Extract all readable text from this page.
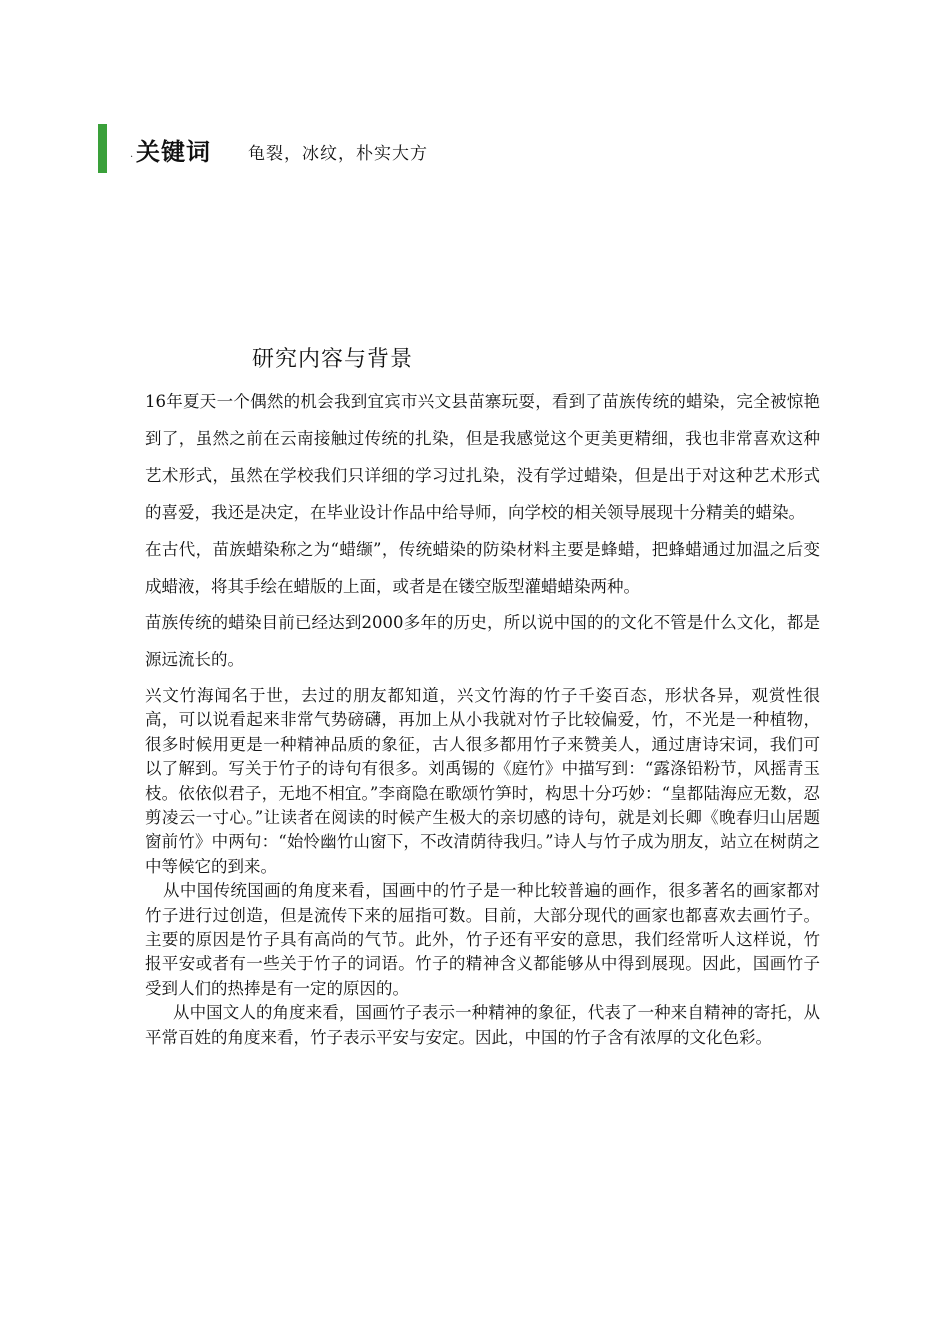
. 关键词 龟裂，冰纹，朴实大方
研究内容与背景

16年夏天一个偶然的机会我到宜宾市兴文县苗寨玩耍，看到了苗族传统的蜡染，完全被惊艳到了，虽然之前在云南接触过传统的扎染，但是我感觉这个更美更精细，我也非常喜欢这种艺术形式，虽然在学校我们只详细的学习过扎染，没有学过蜡染，但是出于对这种艺术形式的喜爱，我还是决定，在毕业设计作品中给导师，向学校的相关领导展现十分精美的蜡染。

在古代，苗族蜡染称之为“蜡缬”，传统蜡染的防染材料主要是蜂蜡，把蜂蜡通过加温之后变成蜡液，将其手绘在蜡版的上面，或者是在镂空版型灌蜡蜡染两种。

苗族传统的蜡染目前已经达到2000多年的历史，所以说中国的的文化不管是什么文化，都是源远流长的。

兴文竹海闻名于世，去过的朋友都知道，兴文竹海的竹子千姿百态，形状各异，观赏性很高，可以说看起来非常气势磅礴，再加上从小我就对竹子比较偏爱，竹，不光是一种植物，很多时候用更是一种精神品质的象征，古人很多都用竹子来赞美人，通过唐诗宋词，我们可以了解到。写关于竹子的诗句有很多。刘禹锡的《庭竹》中描写到：“露涤铅粉节，风摇青玉枝。依依似君子，无地不相宜。”李商隐在歌颂竹笋时，构思十分巧妙：“皇都陆海应无数，忍剪凌云一寸心。”让读者在阅读的时候产生极大的亲切感的诗句，就是刘长卿《晚春归山居题窗前竹》中两句：“始怜幽竹山窗下，不改清荫待我归。”诗人与竹子成为朋友，站立在树荫之中等候它的到来。

从中国传统国画的角度来看，国画中的竹子是一种比较普遍的画作，很多著名的画家都对竹子进行过创造，但是流传下来的屈指可数。目前，大部分现代的画家也都喜欢去画竹子。主要的原因是竹子具有高尚的气节。此外，竹子还有平安的意思，我们经常听人这样说，竹报平安或者有一些关于竹子的词语。竹子的精神含义都能够从中得到展现。因此，国画竹子受到人们的热捧是有一定的原因的。

从中国文人的角度来看，国画竹子表示一种精神的象征，代表了一种来自精神的寄托，从平常百姓的角度来看，竹子表示平安与安定。因此，中国的竹子含有浓厚的文化色彩。
